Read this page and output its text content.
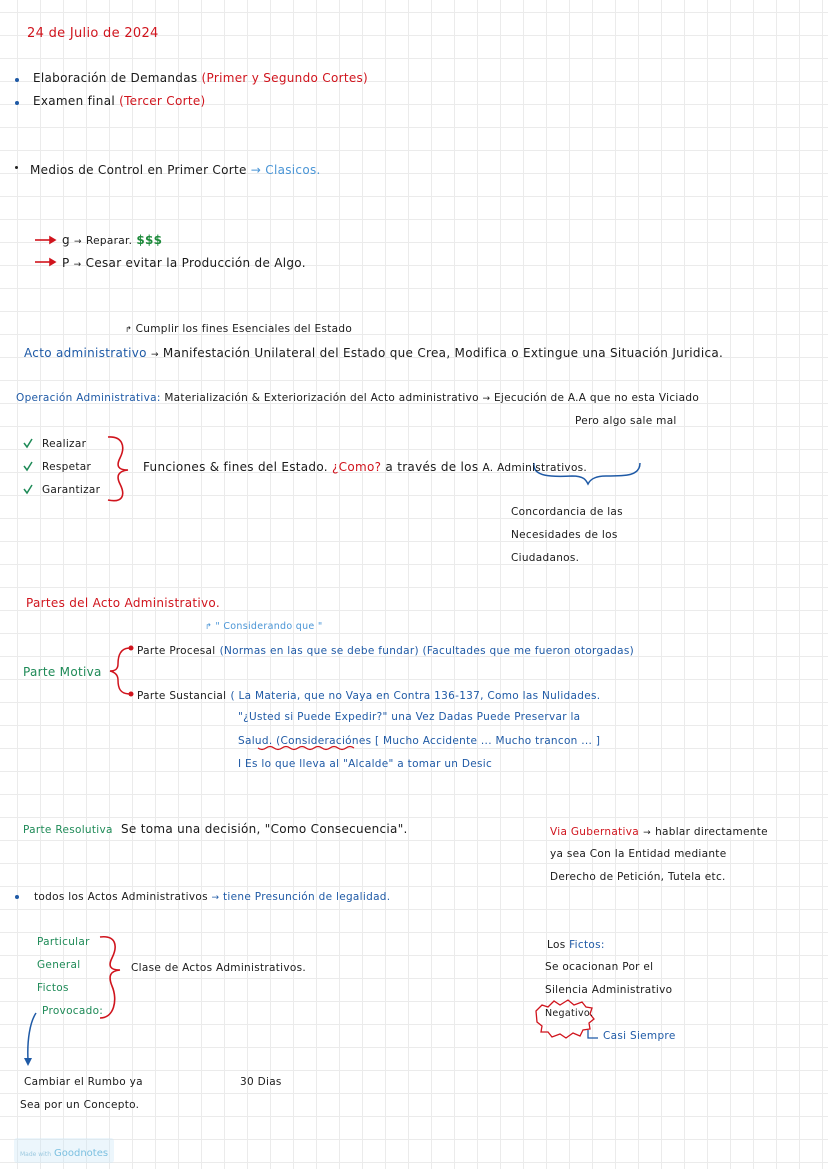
24 de Julio de 2024
Elaboración de Demandas (Primer y Segundo Cortes)
Examen final (Tercer Corte)
Medios de Control en Primer Corte → Clasicos.
g → Reparar. $$$
P → Cesar evitar la Producción de Algo.
↱ Cumplir los fines Esenciales del Estado
Acto administrativo → Manifestación Unilateral del Estado que Crea, Modifica o Extingue una Situación Juridica.
Operación Administrativa: Materialización & Exteriorización del Acto administrativo → Ejecución de A.A que no esta Viciado
Pero algo sale mal
Realizar
Respetar
Garantizar
Funciones & fines del Estado. ¿Como? a través de los A. Administrativos.
Concordancia de las
Necesidades de los
Ciudadanos.
Partes del Acto Administrativo.
↱ " Considerando que "
Parte Motiva
Parte Procesal (Normas en las que se debe fundar) (Facultades que me fueron otorgadas)
Parte Sustancial ( La Materia, que no Vaya en Contra 136-137, Como las Nulidades.
"¿Usted si Puede Expedir?" una Vez Dadas Puede Preservar la
Salud. (Consideraciónes [ Mucho Accidente ... Mucho trancon ... ]
I Es lo que lleva al "Alcalde" a tomar un Desic
Parte Resolutiva Se toma una decisión, "Como Consecuencia".	Via Gubernativa → hablar directamente
ya sea Con la Entidad mediante
Derecho de Petición, Tutela etc.
todos los Actos Administrativos → tiene Presunción de legalidad.
Particular
General
Fictos
Provocado:
Clase de Actos Administrativos.
Cambiar el Rumbo ya
Sea por un Concepto.
30 Dias
Los Fictos:
Se ocacionan Por el
Silencia Administrativo
Negativo.
Casi Siempre
Made with Goodnotes
